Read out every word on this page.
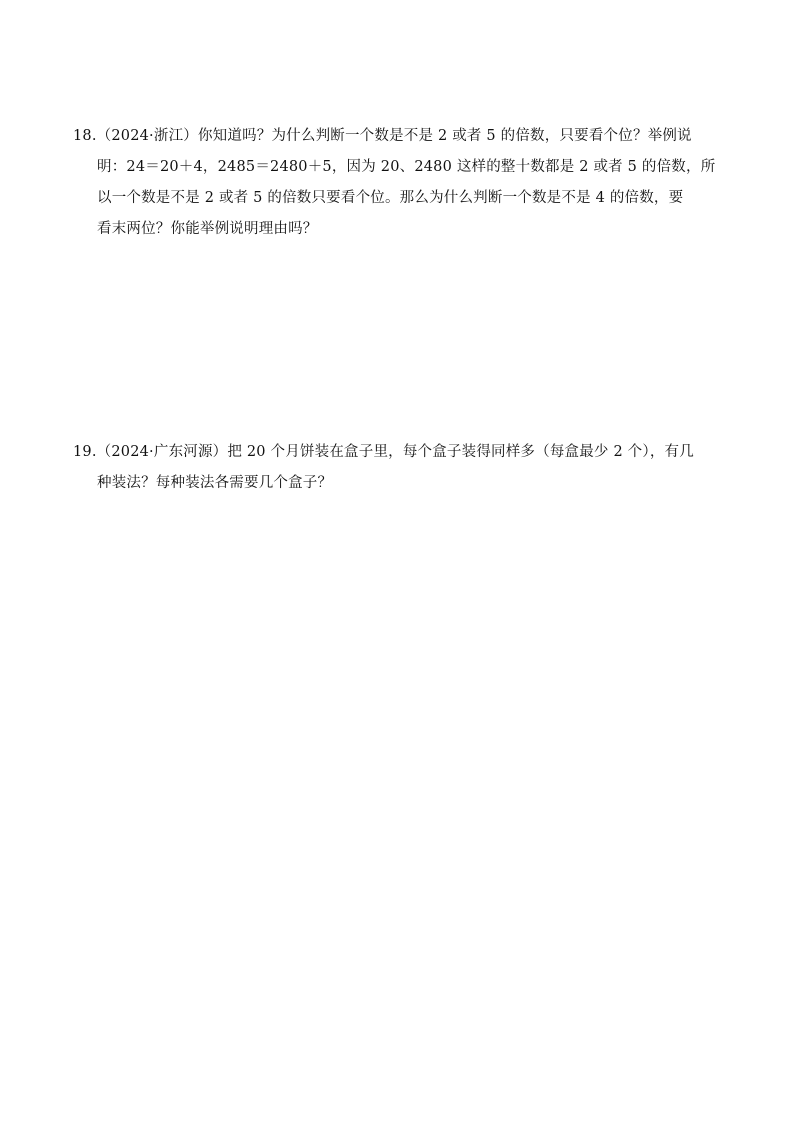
18.（2024·浙江）你知道吗？为什么判断一个数是不是 2 或者 5 的倍数，只要看个位？举例说
明：24＝20＋4，2485＝2480＋5，因为 20、2480 这样的整十数都是 2 或者 5 的倍数，所
以一个数是不是 2 或者 5 的倍数只要看个位。那么为什么判断一个数是不是 4 的倍数，要
看末两位？你能举例说明理由吗？
19.（2024·广东河源）把 20 个月饼装在盒子里，每个盒子装得同样多（每盒最少 2 个），有几
种装法？每种装法各需要几个盒子？
